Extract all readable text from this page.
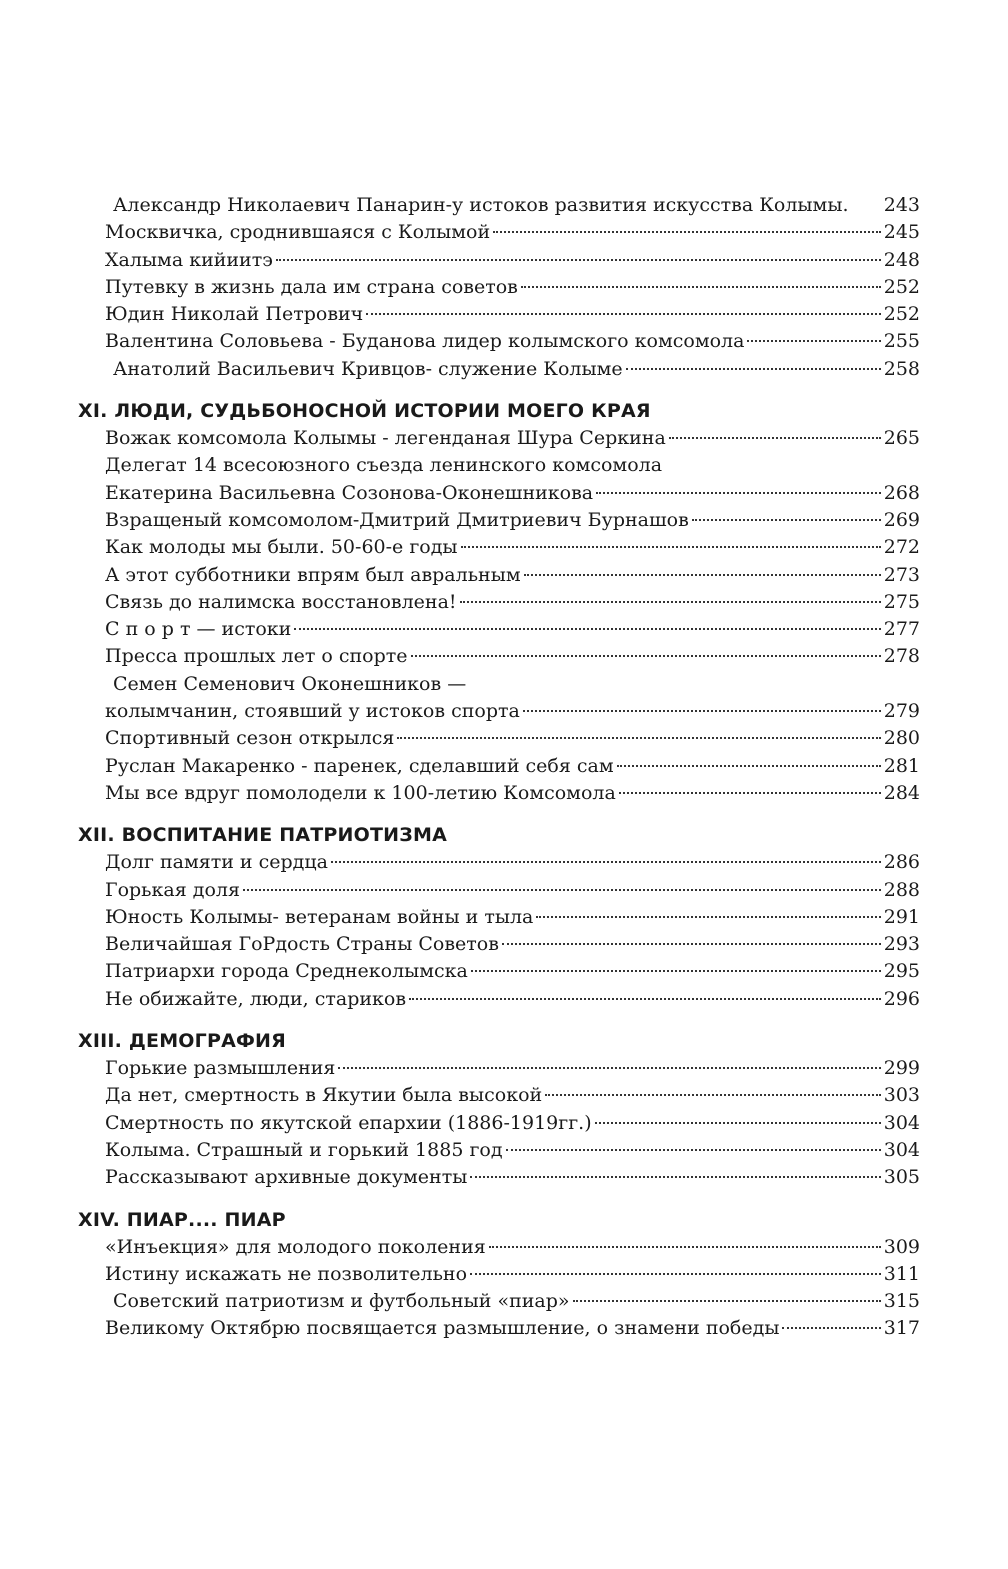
Александр Николаевич Панарин-у истоков развития искусства Колымы. 243
Москвичка, сроднившаяся с Колымой	245
Халыма кийиитэ	248
Путевку в жизнь дала им страна советов	252
Юдин Николай Петрович	252
Валентина Соловьева - Буданова лидер колымского комсомола	255
Анатолий Васильевич Кривцов- служение Колыме	258
XI. ЛЮДИ, СУДЬБОНОСНОЙ ИСТОРИИ МОЕГО КРАЯ
Вожак комсомола Колымы - легенданая Шура Серкина	265
Делегат 14 всесоюзного съезда ленинского комсомола
Екатерина Васильевна Созонова-Оконешникова	268
Взращеный комсомолом-Дмитрий Дмитриевич Бурнашов	269
Как молоды мы были. 50-60-е годы	272
А этот субботники впрям был авральным	273
Связь до налимска восстановлена!	275
С п о р т — истоки	277
Пресса прошлых лет о спорте	278
Семен Семенович Оконешников —
колымчанин, стоявший у истоков спорта	279
Спортивный сезон открылся	280
Руслан Макаренко - паренек, сделавший себя сам	281
Мы все вдруг помолодели к 100-летию Комсомола	284
XII. ВОСПИТАНИЕ ПАТРИОТИЗМА
Долг памяти и сердца	286
Горькая доля	288
Юность Колымы- ветеранам войны и тыла	291
Величайшая ГоРдость Страны Советов	293
Патриархи города Среднеколымска	295
Не обижайте, люди, стариков	296
XIII. ДЕМОГРАФИЯ
Горькие размышления	299
Да нет, смертность в Якутии была высокой	303
Смертность по якутской епархии (1886-1919гг.)	304
Колыма. Страшный и горький 1885 год	304
Рассказывают архивные документы	305
XIV. ПИАР.... ПИАР
«Инъекция» для молодого поколения	309
Истину искажать не позволительно	311
Советский патриотизм и футбольный «пиар»	315
Великому Октябрю посвящается размышление, о знамени победы	317
